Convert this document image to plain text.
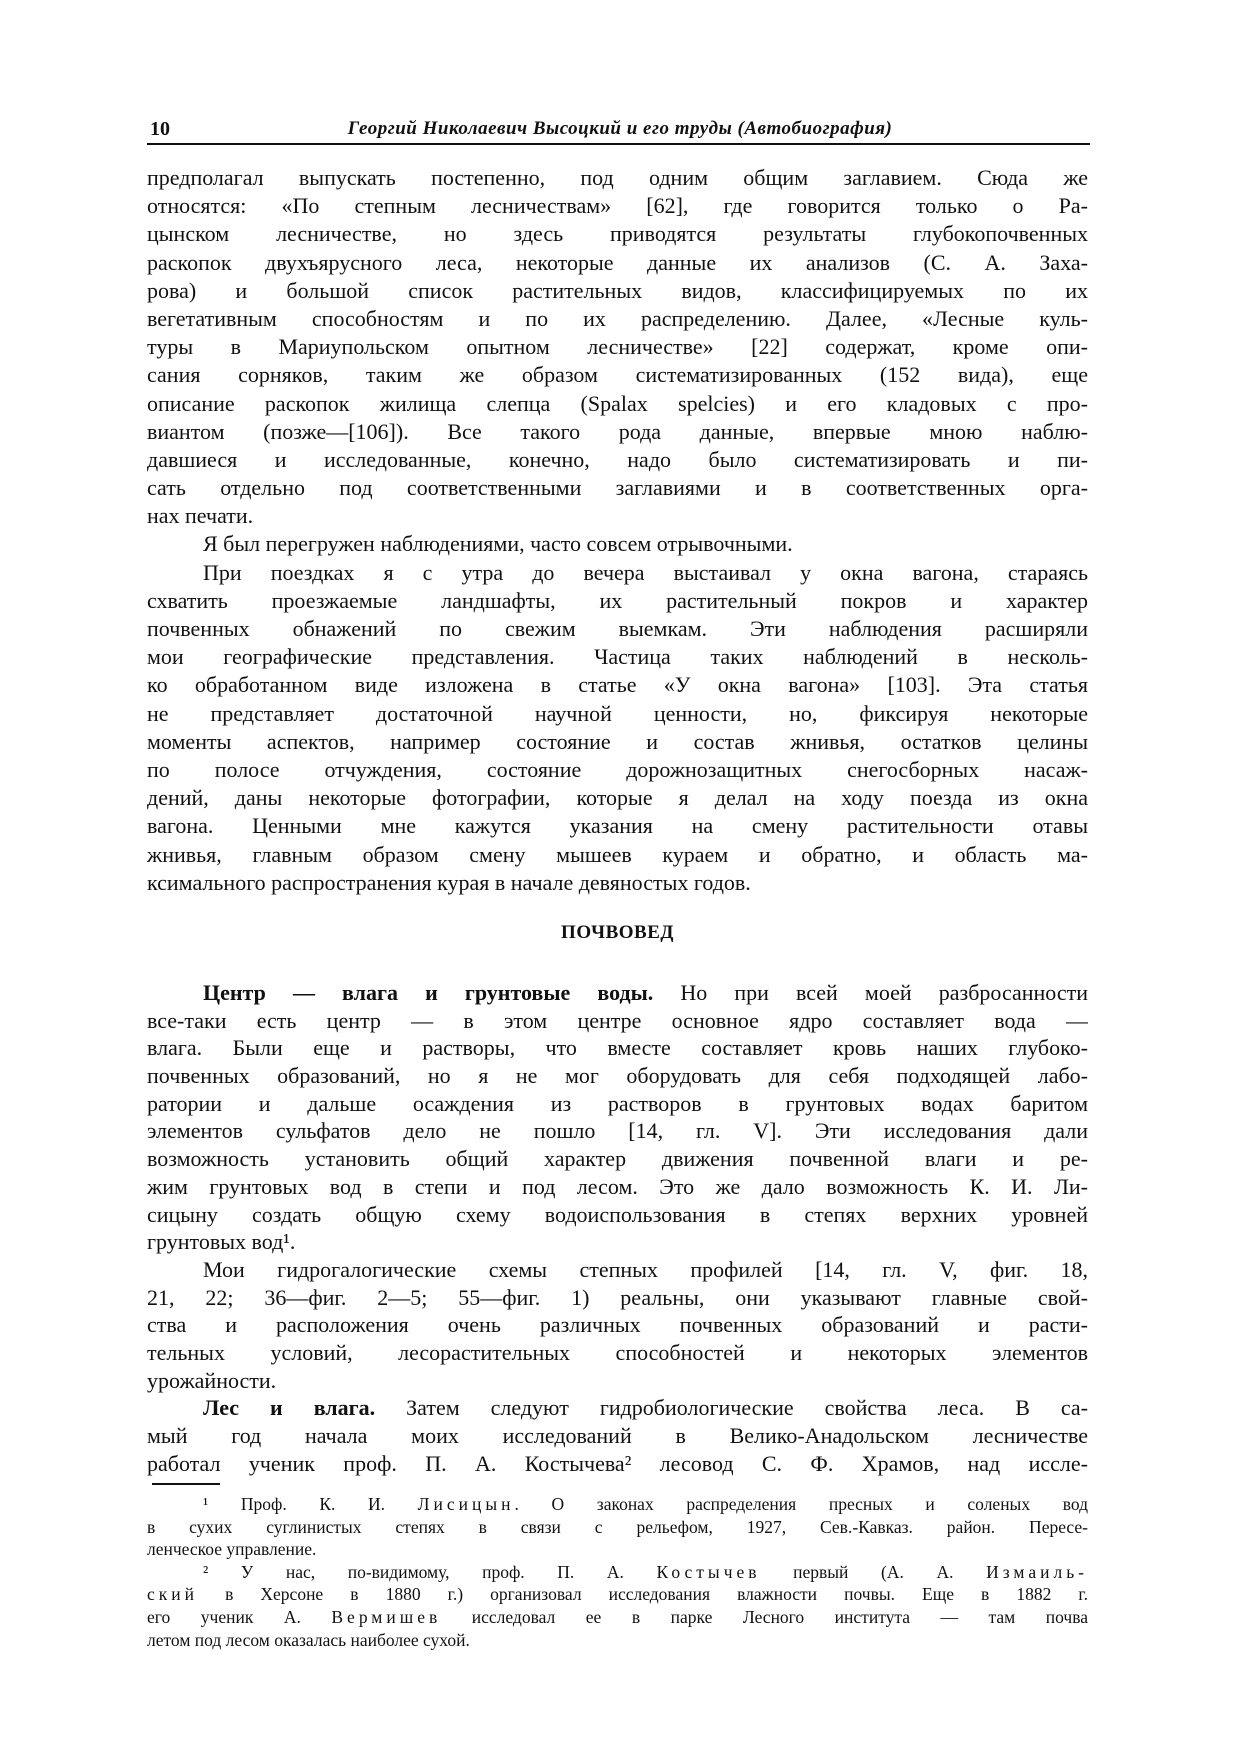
10	Георгий Николаевич Высоцкий и его труды (Автобиография)
предполагал выпускать постепенно, под одним общим заглавием. Сюда же
относятся: «По степным лесничествам» [62], где говорится только о Ра-
цынском лесничестве, но здесь приводятся результаты глубокопочвенных
раскопок двухъярусного леса, некоторые данные их анализов (С. А. Заха-
рова) и большой список растительных видов, классифицируемых по их
вегетативным способностям и по их распределению. Далее, «Лесные куль-
туры в Мариупольском опытном лесничестве» [22] содержат, кроме опи-
сания сорняков, таким же образом систематизированных (152 вида), еще
описание раскопок жилища слепца (Spalax spelcies) и его кладовых с про-
виантом (позже—[106]). Все такого рода данные, впервые мною наблю-
давшиеся и исследованные, конечно, надо было систематизировать и пи-
сать отдельно под соответственными заглавиями и в соответственных орга-
нах печати.
Я был перегружен наблюдениями, часто совсем отрывочными.
При поездках я с утра до вечера выстаивал у окна вагона, стараясь
схватить проезжаемые ландшафты, их растительный покров и характер
почвенных обнажений по свежим выемкам. Эти наблюдения расширяли
мои географические представления. Частица таких наблюдений в несколь-
ко обработанном виде изложена в статье «У окна вагона» [103]. Эта статья
не представляет достаточной научной ценности, но, фиксируя некоторые
моменты аспектов, например состояние и состав жнивья, остатков целины
по полосе отчуждения, состояние дорожнозащитных снегосборных насаж-
дений, даны некоторые фотографии, которые я делал на ходу поезда из окна
вагона. Ценными мне кажутся указания на смену растительности отавы
жнивья, главным образом смену мышеев кураем и обратно, и область ма-
ксимального распространения курая в начале девяностых годов.
ПОЧВОВЕД
Центр — влага и грунтовые воды. Но при всей моей разбросанности
все-таки есть центр — в этом центре основное ядро составляет вода —
влага. Были еще и растворы, что вместе составляет кровь наших глубоко-
почвенных образований, но я не мог оборудовать для себя подходящей лабо-
ратории и дальше осаждения из растворов в грунтовых водах баритом
элементов сульфатов дело не пошло [14, гл. V]. Эти исследования дали
возможность установить общий характер движения почвенной влаги и ре-
жим грунтовых вод в степи и под лесом. Это же дало возможность К. И. Ли-
сицыну создать общую схему водоиспользования в степях верхних уровней
грунтовых вод¹.
Мои гидрогалогические схемы степных профилей [14, гл. V, фиг. 18,
21, 22; 36—фиг. 2—5; 55—фиг. 1) реальны, они указывают главные свой-
ства и расположения очень различных почвенных образований и расти-
тельных условий, лесорастительных способностей и некоторых элементов
урожайности.
Лес и влага. Затем следуют гидробиологические свойства леса. В са-
мый год начала моих исследований в Велико-Анадольском лесничестве
работал ученик проф. П. А. Костычева² лесовод С. Ф. Храмов, над иссле-
¹ Проф. К. И. Лисицын. О законах распределения пресных и соленых вод
в сухих суглинистых степях в связи с рельефом, 1927, Сев.-Кавказ. район. Пересе-
ленческое управление.
² У нас, по-видимому, проф. П. А. Костычев первый (А. А. Измаиль-
ский в Херсоне в 1880 г.) организовал исследования влажности почвы. Еще в 1882 г.
его ученик А. Вермишев исследовал ее в парке Лесного института — там почва
летом под лесом оказалась наиболее сухой.
